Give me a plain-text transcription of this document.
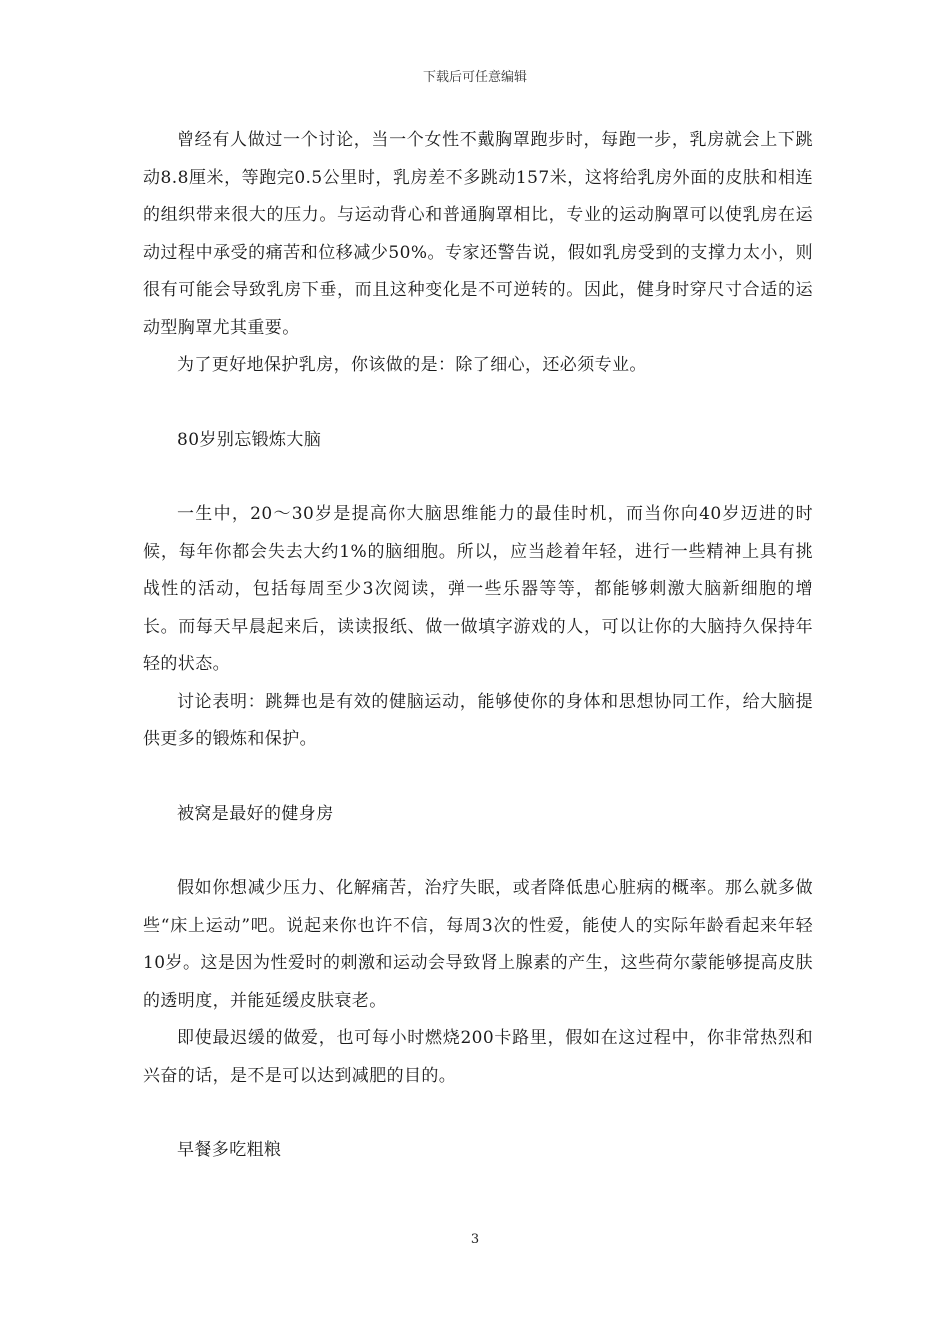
下载后可任意编辑

曾经有人做过一个讨论，当一个女性不戴胸罩跑步时，每跑一步，乳房就会上下跳动8.8厘米，等跑完0.5公里时，乳房差不多跳动157米，这将给乳房外面的皮肤和相连的组织带来很大的压力。与运动背心和普通胸罩相比，专业的运动胸罩可以使乳房在运动过程中承受的痛苦和位移减少50%。专家还警告说，假如乳房受到的支撑力太小，则很有可能会导致乳房下垂，而且这种变化是不可逆转的。因此，健身时穿尺寸合适的运动型胸罩尤其重要。

为了更好地保护乳房，你该做的是：除了细心，还必须专业。

80岁别忘锻炼大脑

一生中，20～30岁是提高你大脑思维能力的最佳时机，而当你向40岁迈进的时候，每年你都会失去大约1%的脑细胞。所以，应当趁着年轻，进行一些精神上具有挑战性的活动，包括每周至少3次阅读，弹一些乐器等等，都能够刺激大脑新细胞的增长。而每天早晨起来后，读读报纸、做一做填字游戏的人，可以让你的大脑持久保持年轻的状态。

讨论表明：跳舞也是有效的健脑运动，能够使你的身体和思想协同工作，给大脑提供更多的锻炼和保护。

被窝是最好的健身房

假如你想减少压力、化解痛苦，治疗失眠，或者降低患心脏病的概率。那么就多做些“床上运动”吧。说起来你也许不信，每周3次的性爱，能使人的实际年龄看起来年轻10岁。这是因为性爱时的刺激和运动会导致肾上腺素的产生，这些荷尔蒙能够提高皮肤的透明度，并能延缓皮肤衰老。

即使最迟缓的做爱，也可每小时燃烧200卡路里，假如在这过程中，你非常热烈和兴奋的话，是不是可以达到减肥的目的。

早餐多吃粗粮

3
